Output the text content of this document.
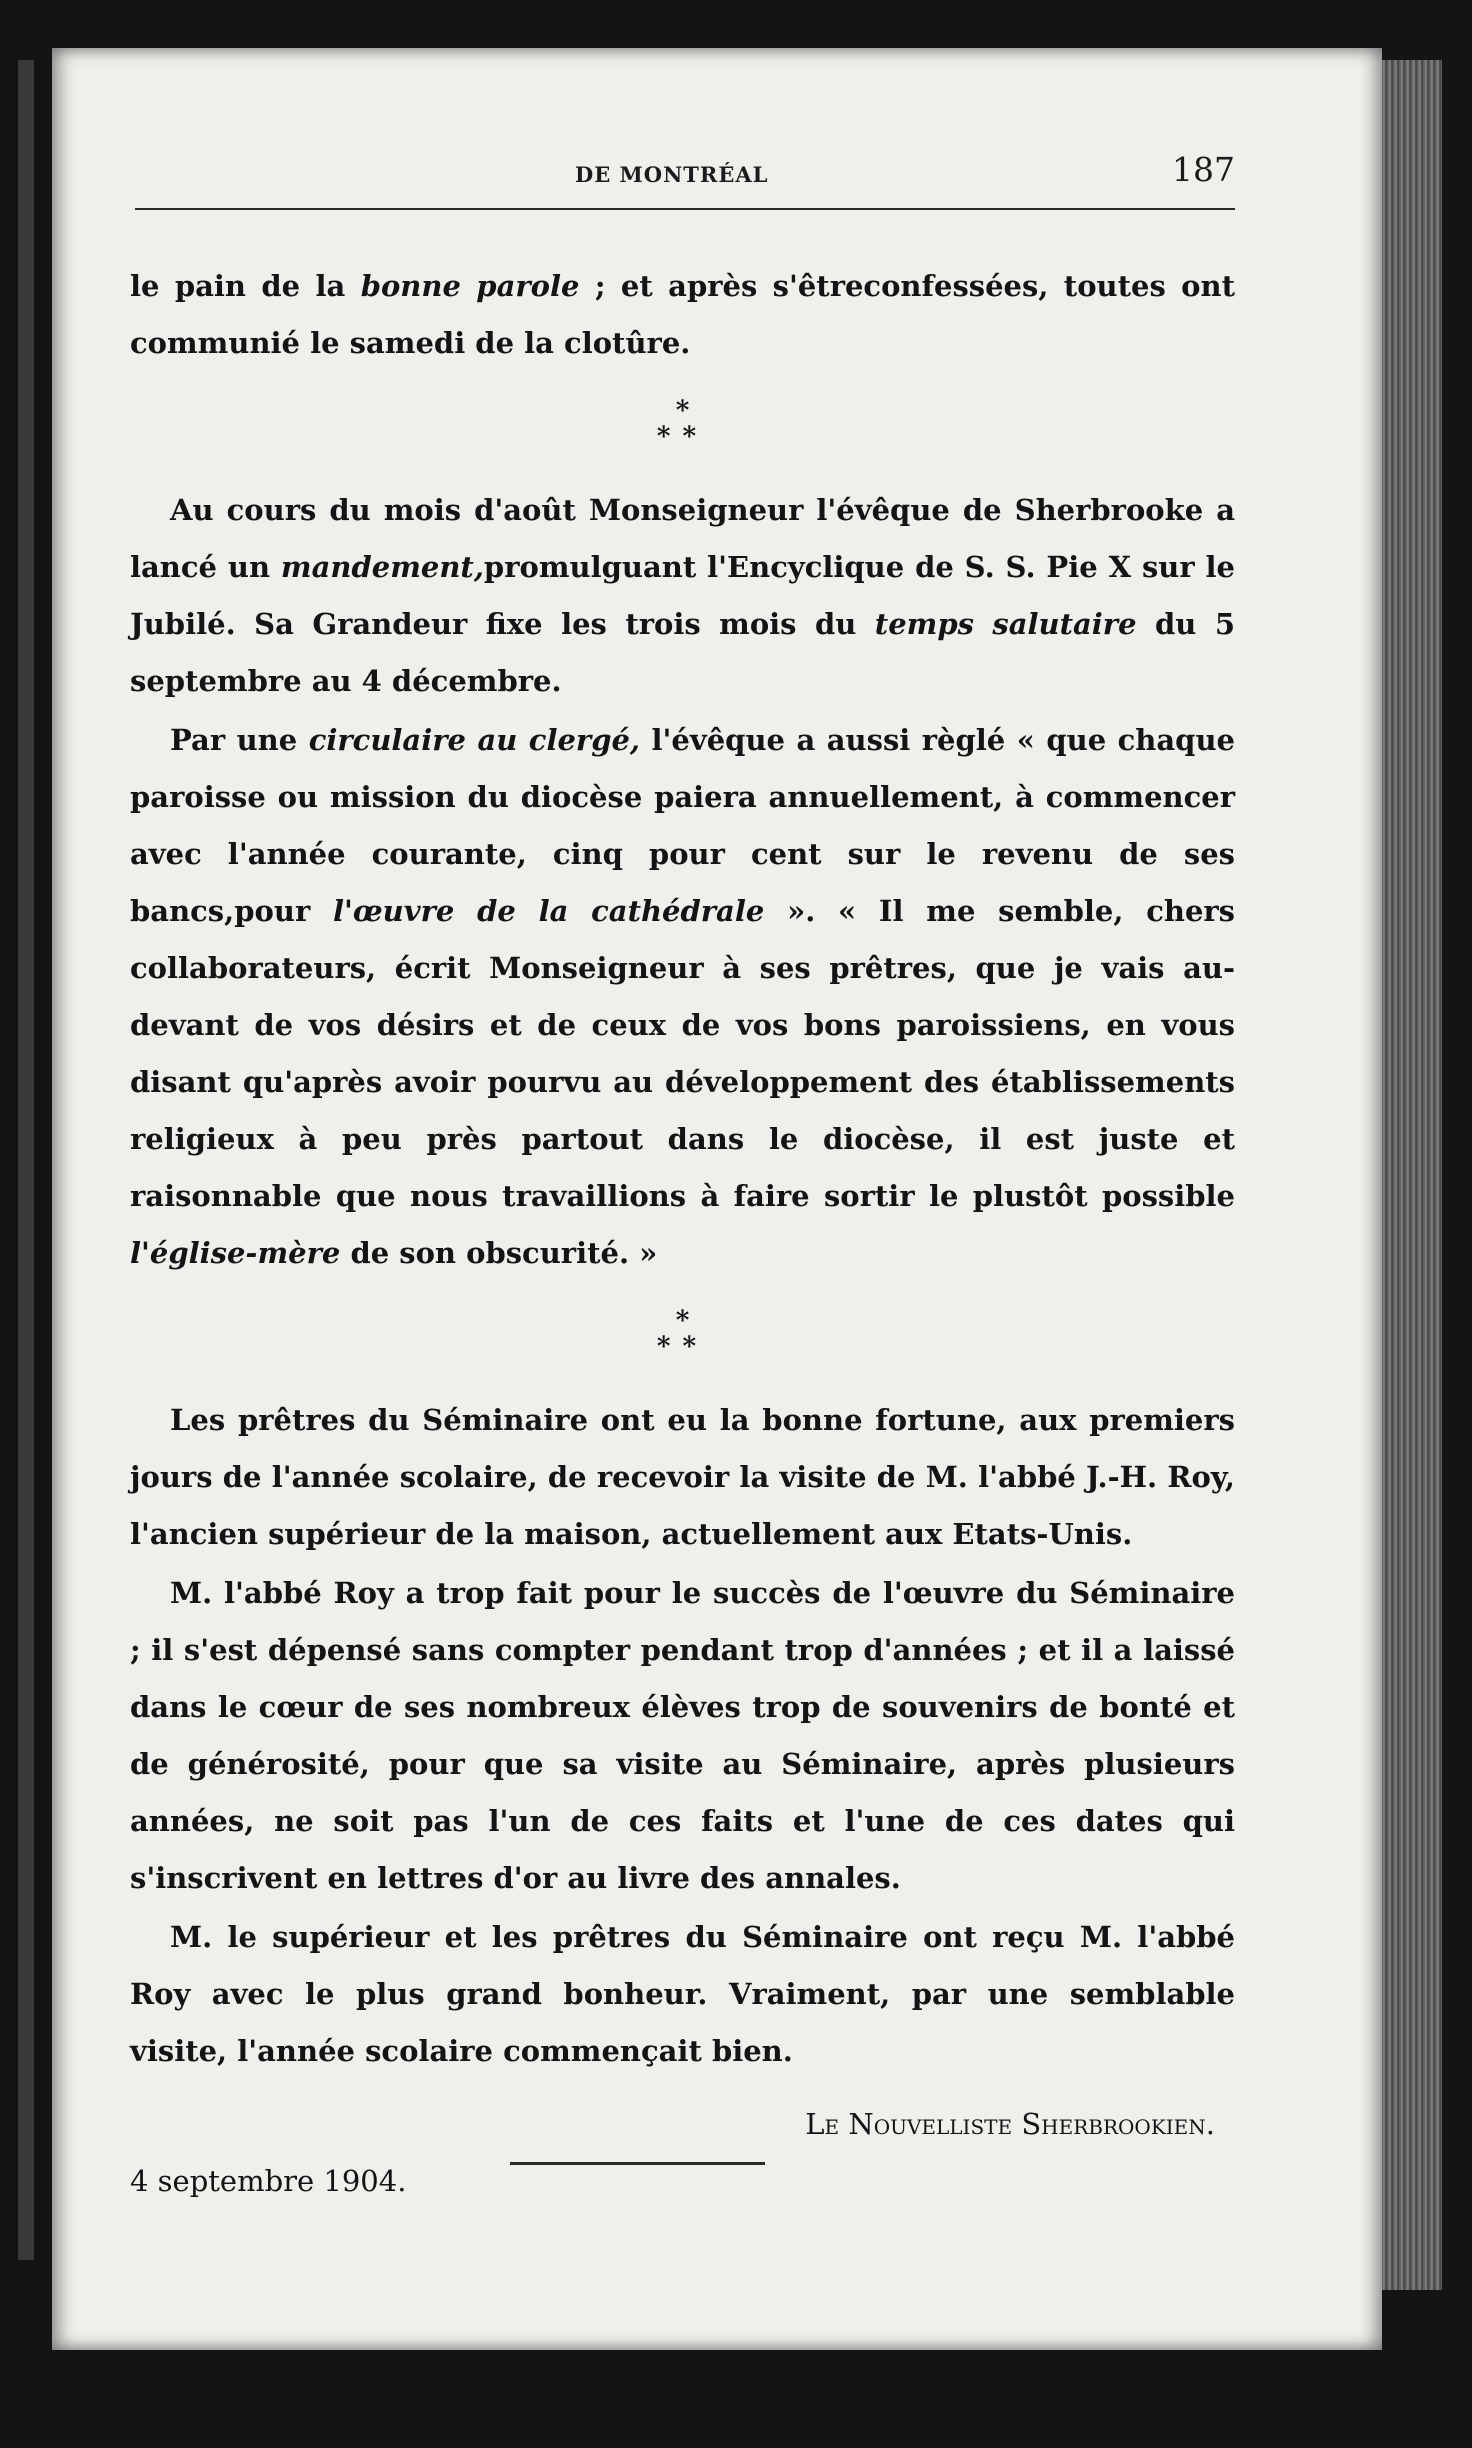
DE MONTRÉAL	187

le pain de la bonne parole ; et après s'êtreconfessées, toutes ont communié le samedi de la clotûre.

*
**

Au cours du mois d'août Monseigneur l'évêque de Sherbrooke a lancé un mandement,promulguant l'Encyclique de S. S. Pie X sur le Jubilé. Sa Grandeur fixe les trois mois du temps salutaire du 5 septembre au 4 décembre.

Par une circulaire au clergé, l'évêque a aussi règlé « que chaque paroisse ou mission du diocèse paiera annuellement, à commencer avec l'année courante, cinq pour cent sur le revenu de ses bancs,pour l'œuvre de la cathédrale ». « Il me semble, chers collaborateurs, écrit Monseigneur à ses prêtres, que je vais au-devant de vos désirs et de ceux de vos bons paroissiens, en vous disant qu'après avoir pourvu au développement des établissements religieux à peu près partout dans le diocèse, il est juste et raisonnable que nous travaillions à faire sortir le plustôt possible l'église-mère de son obscurité. »

*
**

Les prêtres du Séminaire ont eu la bonne fortune, aux premiers jours de l'année scolaire, de recevoir la visite de M. l'abbé J.-H. Roy, l'ancien supérieur de la maison, actuellement aux Etats-Unis.

M. l'abbé Roy a trop fait pour le succès de l'œuvre du Séminaire ; il s'est dépensé sans compter pendant trop d'années ; et il a laissé dans le cœur de ses nombreux élèves trop de souvenirs de bonté et de générosité, pour que sa visite au Séminaire, après plusieurs années, ne soit pas l'un de ces faits et l'une de ces dates qui s'inscrivent en lettres d'or au livre des annales.

M. le supérieur et les prêtres du Séminaire ont reçu M. l'abbé Roy avec le plus grand bonheur. Vraiment, par une semblable visite, l'année scolaire commençait bien.

Le Nouvelliste Sherbrookien.
4 septembre 1904.
